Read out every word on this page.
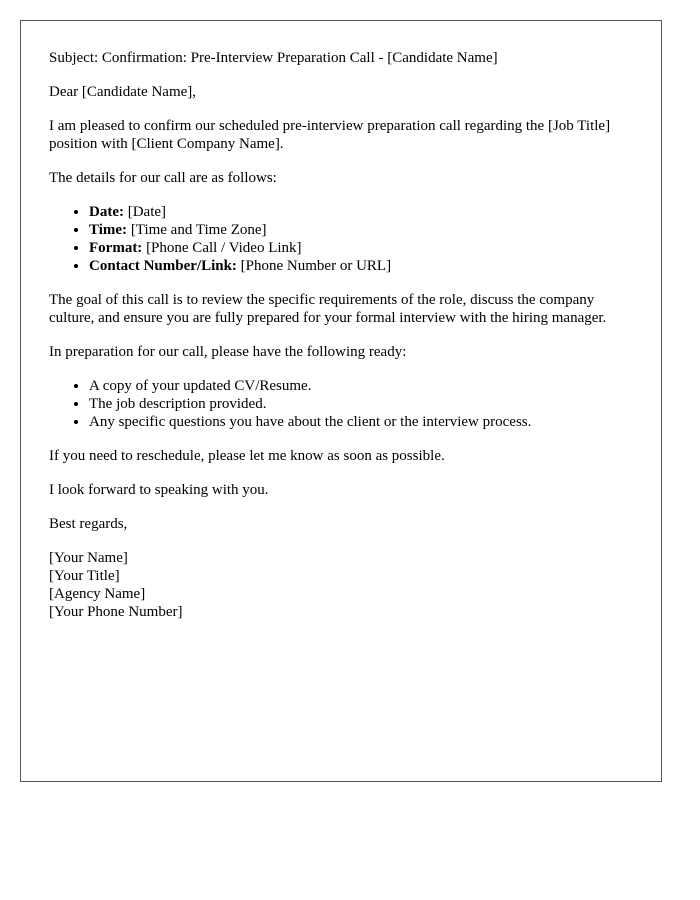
Subject: Confirmation: Pre-Interview Preparation Call - [Candidate Name]

Dear [Candidate Name],

I am pleased to confirm our scheduled pre-interview preparation call regarding the [Job Title] position with [Client Company Name].

The details for our call are as follows:

• Date: [Date]
• Time: [Time and Time Zone]
• Format: [Phone Call / Video Link]
• Contact Number/Link: [Phone Number or URL]

The goal of this call is to review the specific requirements of the role, discuss the company culture, and ensure you are fully prepared for your formal interview with the hiring manager.

In preparation for our call, please have the following ready:

• A copy of your updated CV/Resume.
• The job description provided.
• Any specific questions you have about the client or the interview process.

If you need to reschedule, please let me know as soon as possible.

I look forward to speaking with you.

Best regards,

[Your Name]
[Your Title]
[Agency Name]
[Your Phone Number]
